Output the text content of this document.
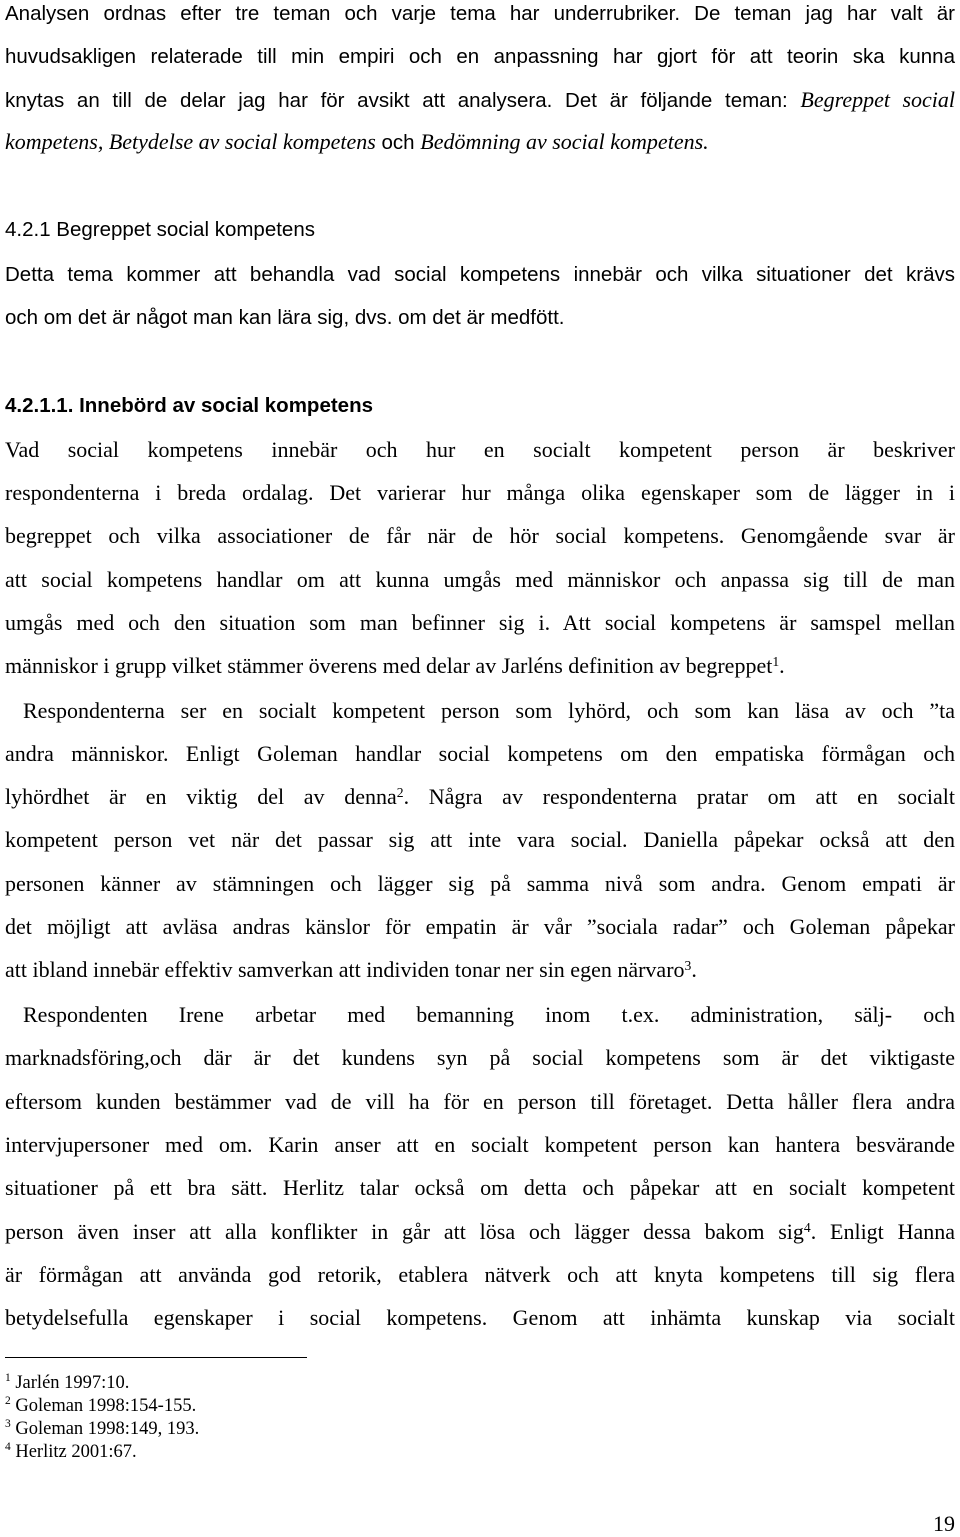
Analysen ordnas efter tre teman och varje tema har underrubriker. De teman jag har valt är
huvudsakligen relaterade till min empiri och en anpassning har gjort för att teorin ska kunna
knytas an till de delar jag har för avsikt att analysera. Det är följande teman: Begreppet social
kompetens, Betydelse av social kompetens och Bedömning av social kompetens.
4.2.1 Begreppet social kompetens
Detta tema kommer att behandla vad social kompetens innebär och vilka situationer det krävs
och om det är något man kan lära sig, dvs. om det är medfött.
4.2.1.1. Innebörd av social kompetens
Vad social kompetens innebär och hur en socialt kompetent person är beskriver
respondenterna i breda ordalag. Det varierar hur många olika egenskaper som de lägger in i
begreppet och vilka associationer de får när de hör social kompetens. Genomgående svar är
att social kompetens handlar om att kunna umgås med människor och anpassa sig till de man
umgås med och den situation som man befinner sig i. Att social kompetens är samspel mellan
människor i grupp vilket stämmer överens med delar av Jarléns definition av begreppet$^1$.
Respondenterna ser en socialt kompetent person som lyhörd, och som kan läsa av och ”ta
andra människor. Enligt Goleman handlar social kompetens om den empatiska förmågan och
lyhördhet är en viktig del av denna$^2$. Några av respondenterna pratar om att en socialt
kompetent person vet när det passar sig att inte vara social. Daniella påpekar också att den
personen känner av stämningen och lägger sig på samma nivå som andra. Genom empati är
det möjligt att avläsa andras känslor för empatin är vår ”sociala radar” och Goleman påpekar
att ibland innebär effektiv samverkan att individen tonar ner sin egen närvaro$^3$.
Respondenten Irene arbetar med bemanning inom t.ex. administration, sälj- och
marknadsföring,och där är det kundens syn på social kompetens som är det viktigaste
eftersom kunden bestämmer vad de vill ha för en person till företaget. Detta håller flera andra
intervjupersoner med om. Karin anser att en socialt kompetent person kan hantera besvärande
situationer på ett bra sätt. Herlitz talar också om detta och påpekar att en socialt kompetent
person även inser att alla konflikter in går att lösa och lägger dessa bakom sig$^4$. Enligt Hanna
är förmågan att använda god retorik, etablera nätverk och att knyta kompetens till sig flera
betydelsefulla egenskaper i social kompetens. Genom att inhämta kunskap via socialt
$^1$ Jarlén 1997:10.
$^2$ Goleman 1998:154-155.
$^3$ Goleman 1998:149, 193.
$^4$ Herlitz 2001:67.
19
